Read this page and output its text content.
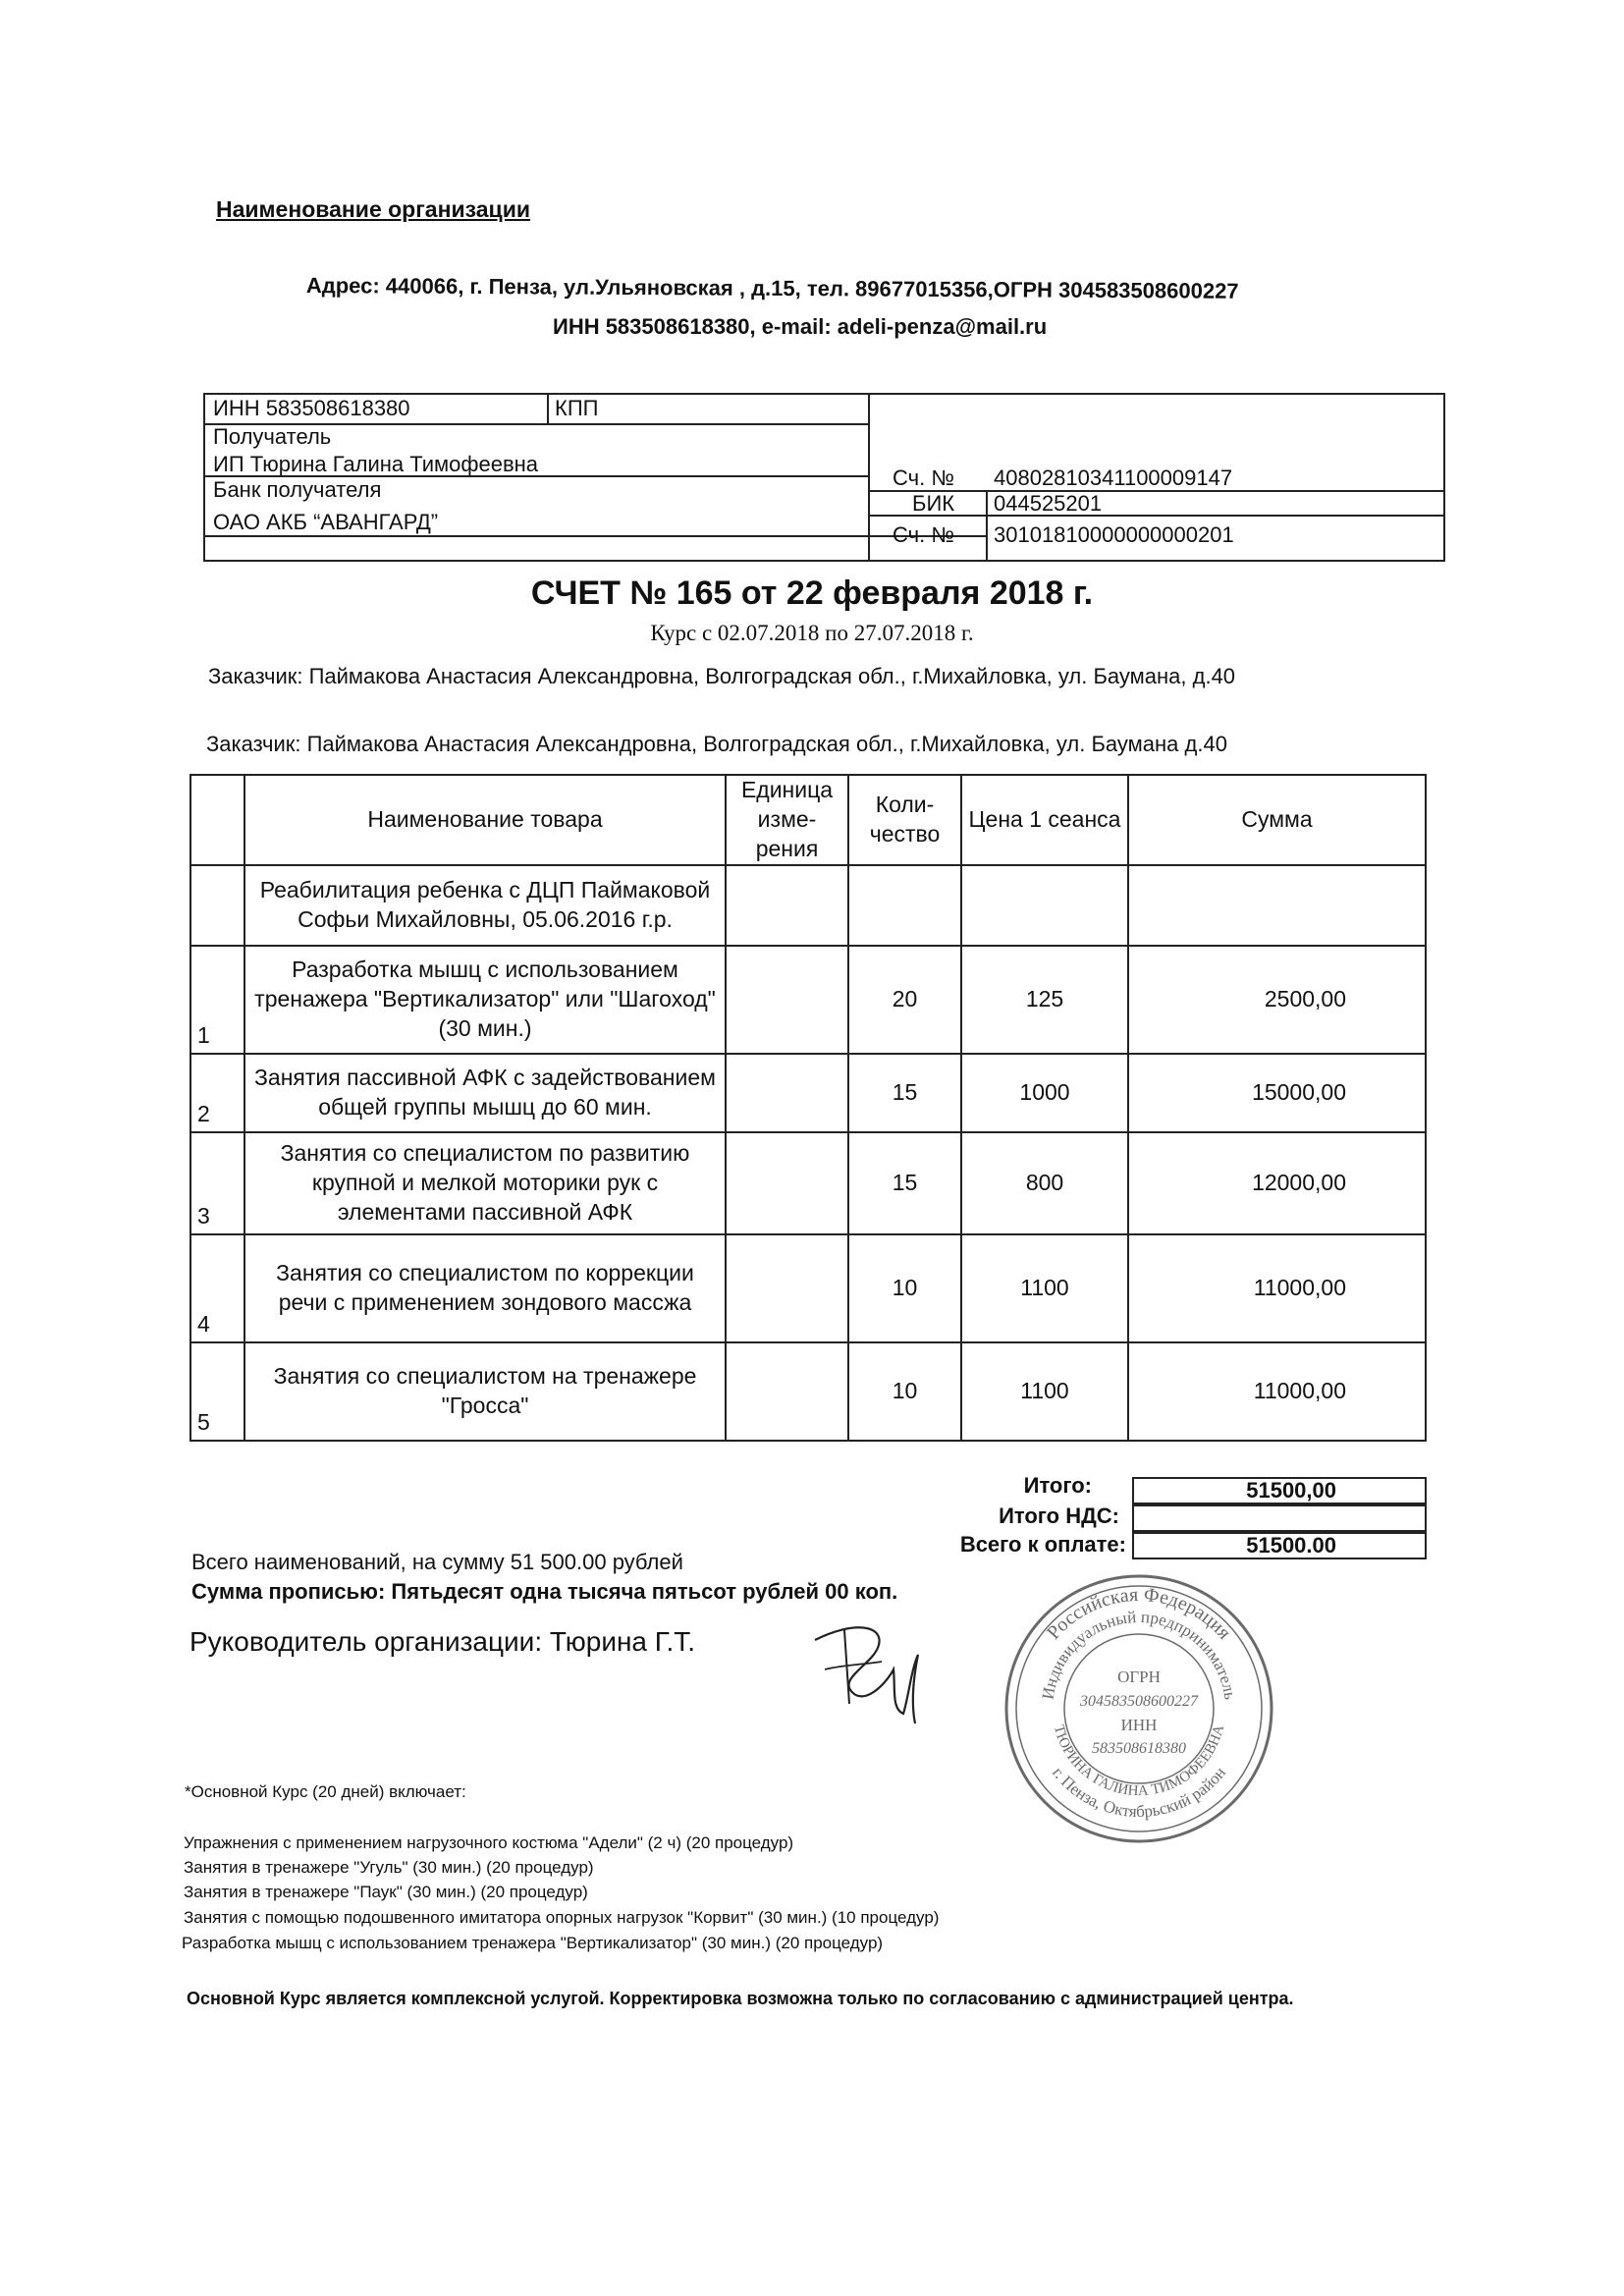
Наименование организации
Адрес: 440066, г. Пенза, ул.Ульяновская , д.15, тел. 89677015356,ОГРН 304583508600227
ИНН 583508618380, e-mail: adeli-penza@mail.ru
ИНН 583508618380	КПП
Получатель
ИП Тюрина Галина Тимофеевна
Банк получателя
ОАО АКБ “АВАНГАРД”
Сч. № 40802810341100009147
БИК 044525201
Сч. № 30101810000000000201
СЧЕТ № 165 от 22 февраля 2018 г.
Курс с 02.07.2018 по 27.07.2018 г.
Заказчик: Паймакова Анастасия Александровна, Волгоградская обл., г.Михайловка, ул. Баумана, д.40
Заказчик: Паймакова Анастасия Александровна, Волгоградская обл., г.Михайловка, ул. Баумана д.40
	Наименование товара	Единица изме-рения	Коли-чество	Цена 1 сеанса	Сумма
	Реабилитация ребенка с ДЦП Паймаковой Софьи Михайловны, 05.06.2016 г.р.				
1	Разработка мышц с использованием тренажера "Вертикализатор" или "Шагоход" (30 мин.)		20	125	2500,00
2	Занятия пассивной АФК с задействованием общей группы мышц до 60 мин.		15	1000	15000,00
3	Занятия со специалистом по развитию крупной и мелкой моторики рук с элементами пассивной АФК		15	800	12000,00
4	Занятия со специалистом по коррекции речи с применением зондового массжа		10	1100	11000,00
5	Занятия со специалистом на тренажере "Гросса"		10	1100	11000,00
Итого:	51500,00
Итого НДС:
Всего к оплате:	51500.00
Всего наименований, на сумму 51 500.00 рублей
Сумма прописью: Пятьдесят одна тысяча пятьсот рублей 00 коп.
Руководитель организации: Тюрина Г.Т.	Российская Федерация
Индивидуальный предприниматель
г. Пенза, Октябрьский район
ТЮРИНА ГАЛИНА ТИМОФЕЕВНА
ОГРН
304583508600227
ИНН
583508618380
*Основной Курс (20 дней) включает:
Упражнения с применением нагрузочного костюма "Адели" (2 ч) (20 процедур)
Занятия в тренажере "Угуль" (30 мин.) (20 процедур)
Занятия в тренажере "Паук" (30 мин.) (20 процедур)
Занятия с помощью подошвенного имитатора опорных нагрузок "Корвит" (30 мин.) (10 процедур)
Разработка мышц с использованием тренажера "Вертикализатор" (30 мин.) (20 процедур)
Основной Курс является комплексной услугой. Корректировка возможна только по согласованию с администрацией центра.
